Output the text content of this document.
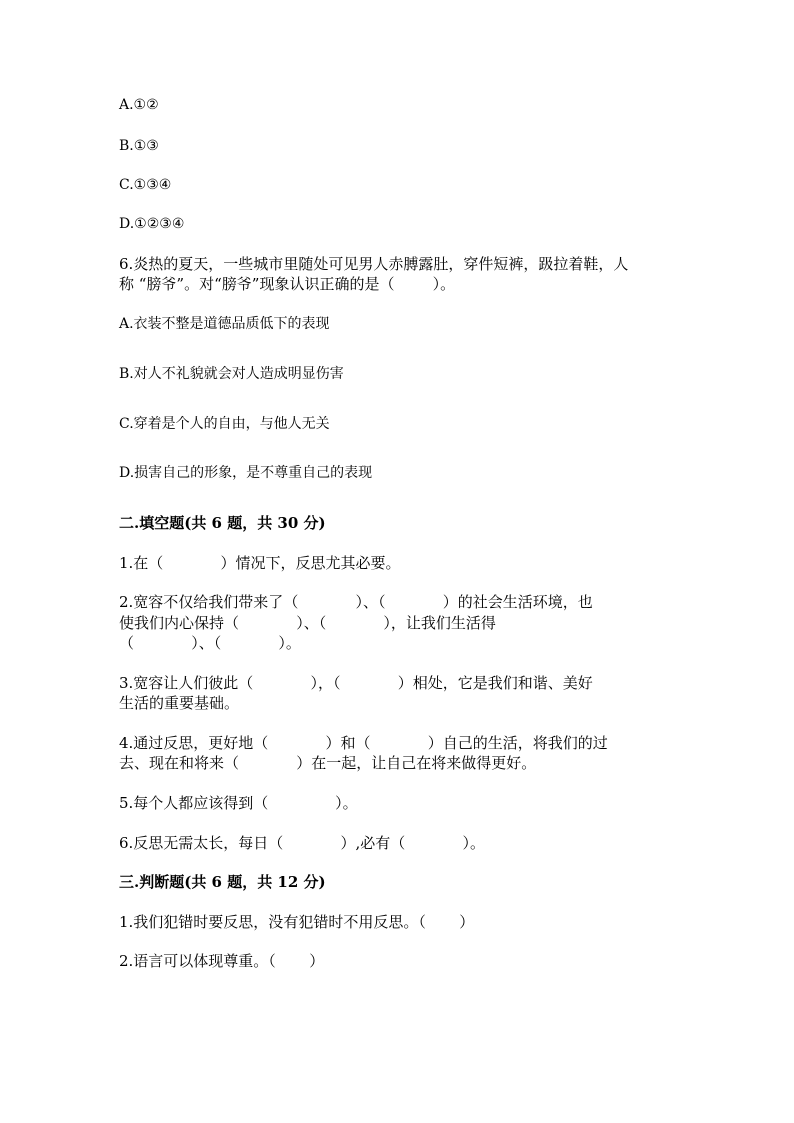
A.①②
B.①③
C.①③④
D.①②③④
6.炎热的夏天，一些城市里随处可见男人赤膊露肚，穿件短裤，趿拉着鞋，人
称 “膀爷”。对“膀爷”现象认识正确的是（        ）。
A.衣装不整是道德品质低下的表现
B.对人不礼貌就会对人造成明显伤害
C.穿着是个人的自由，与他人无关
D.损害自己的形象，是不尊重自己的表现
二.填空题(共 6 题，共 30 分)
1.在（            ）情况下，反思尤其必要。
2.宽容不仅给我们带来了（            ）、（            ）的社会生活环境，也
使我们内心保持（            ）、（            ），让我们生活得
（            ）、（            ）。
3.宽容让人们彼此（            ），（            ）相处，它是我们和谐、美好
生活的重要基础。
4.通过反思，更好地（            ）和（            ）自己的生活，将我们的过
去、现在和将来（            ）在一起，让自己在将来做得更好。
5.每个人都应该得到（              ）。
6.反思无需太长，每日（            ）,必有（            ）。
三.判断题(共 6 题，共 12 分)
1.我们犯错时要反思，没有犯错时不用反思。（       ）
2.语言可以体现尊重。（       ）
